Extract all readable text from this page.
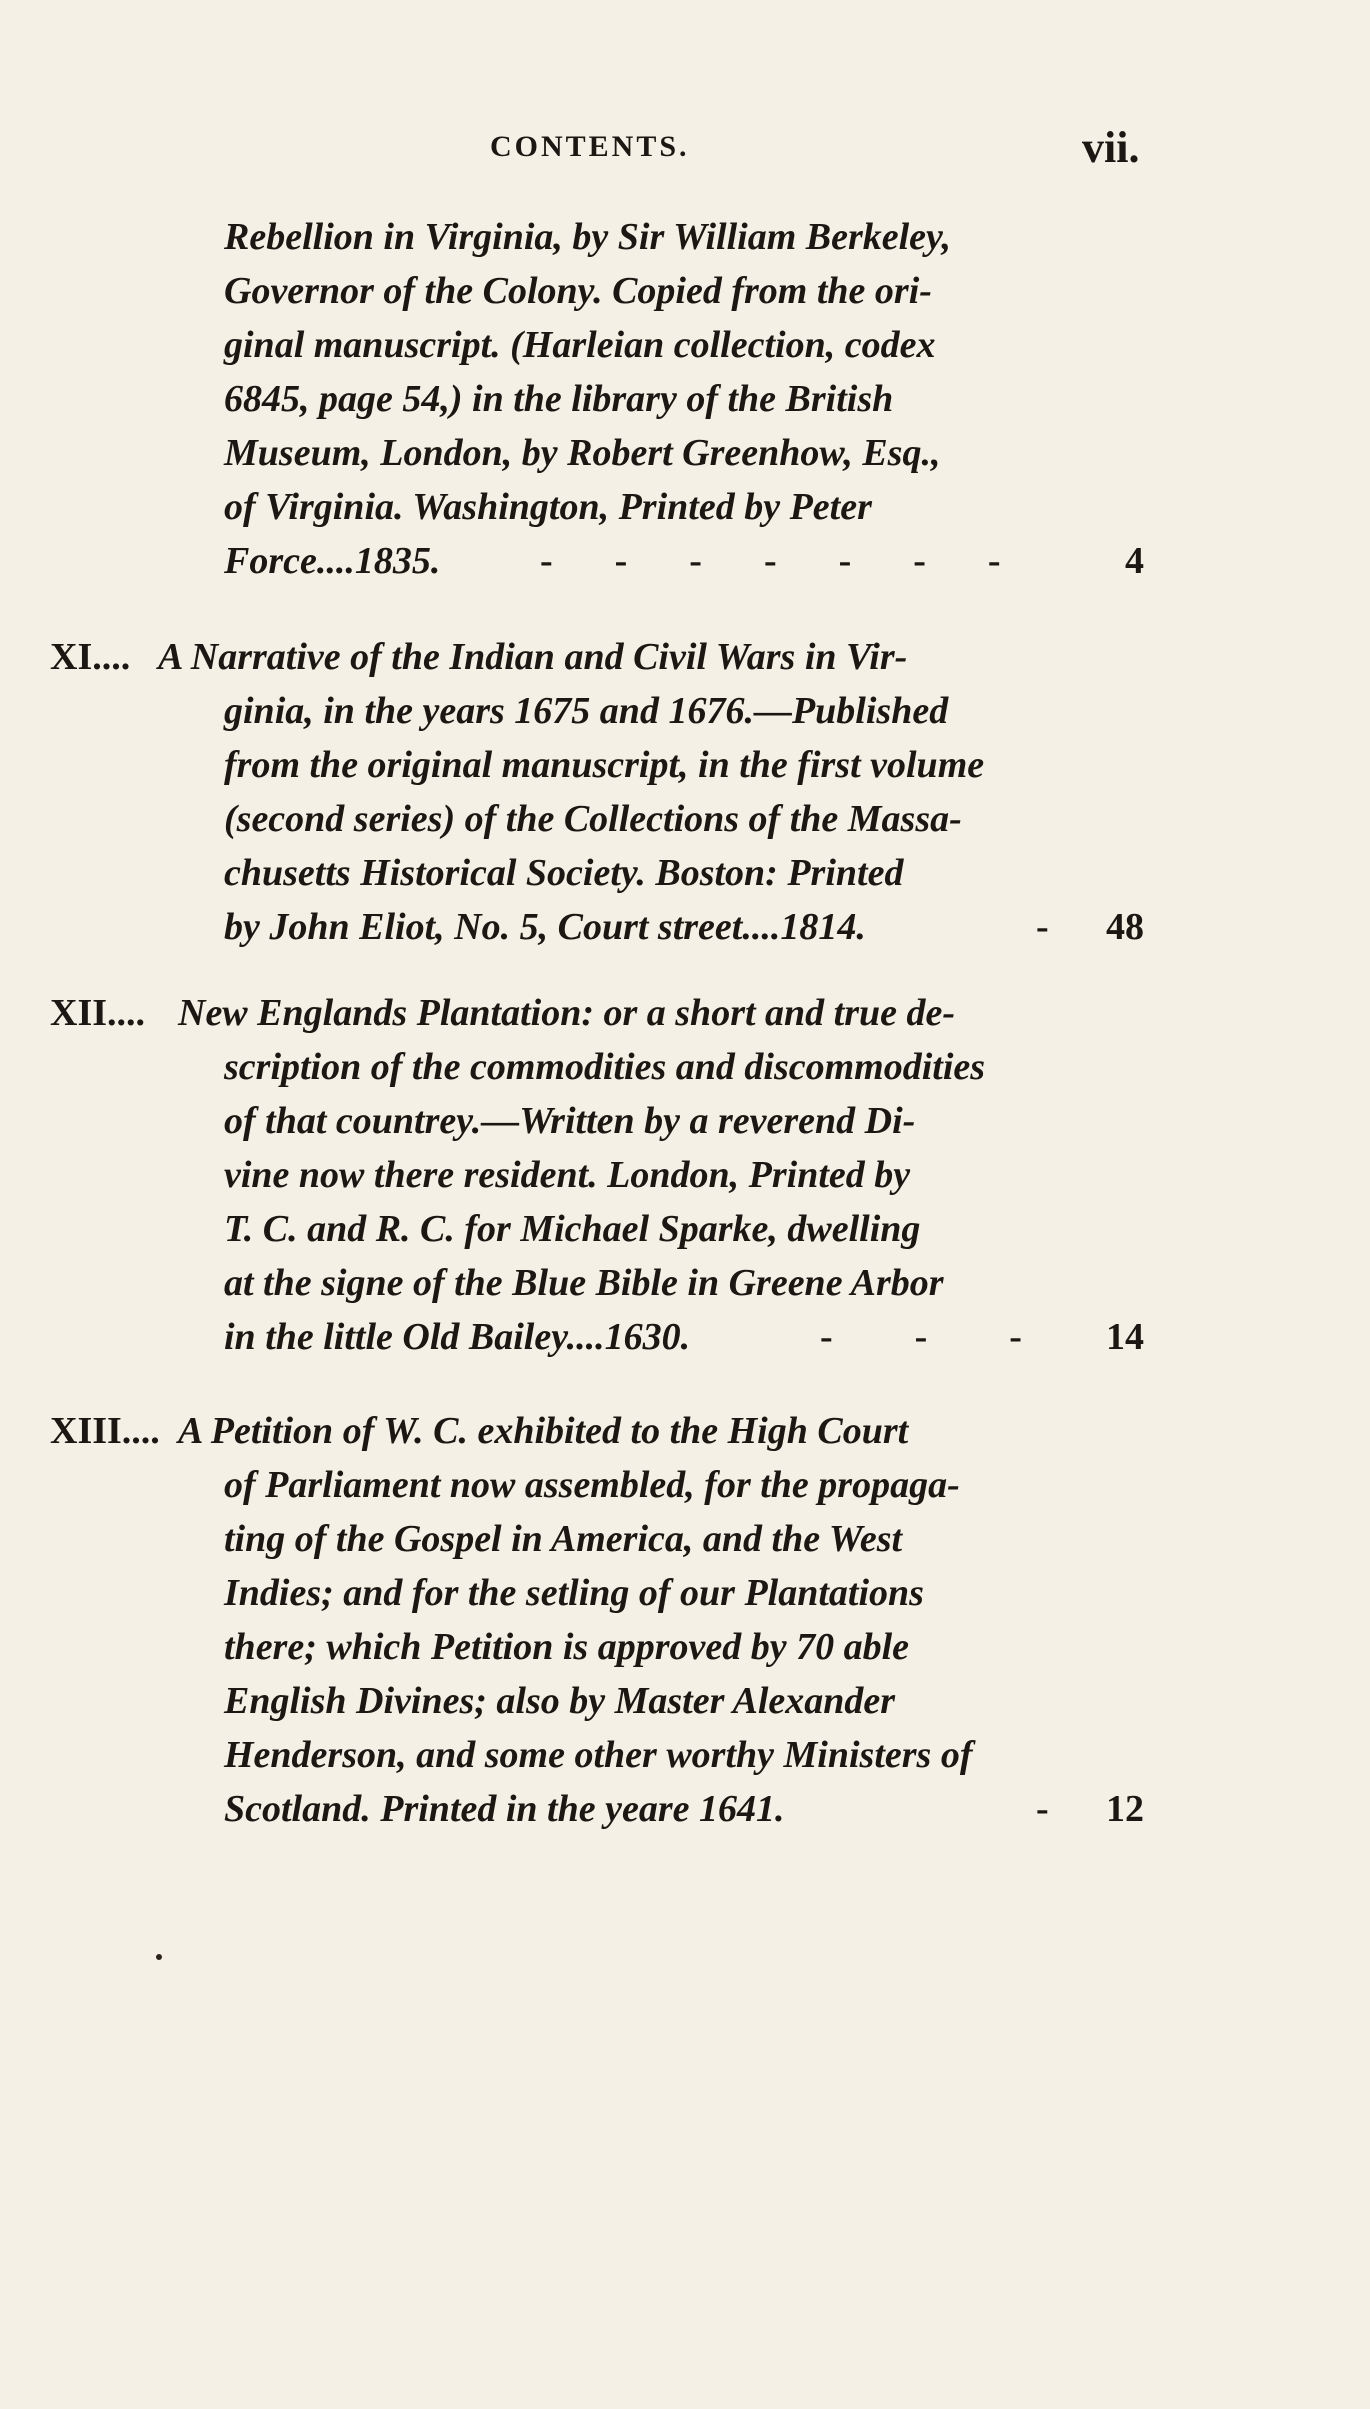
CONTENTS.	vii.
Rebellion in Virginia, by Sir William Berkeley,
Governor of the Colony. Copied from the ori-
ginal manuscript. (Harleian collection, codex
6845, page 54,) in the library of the British
Museum, London, by Robert Greenhow, Esq.,
of Virginia. Washington, Printed by Peter
Force....1835.	------- 4
XI.... A Narrative of the Indian and Civil Wars in Vir-
ginia, in the years 1675 and 1676.—Published
from the original manuscript, in the first volume
(second series) of the Collections of the Massa-
chusetts Historical Society. Boston: Printed
by John Eliot, No. 5, Court street....1814.	- 48
XII.... New Englands Plantation: or a short and true de-
scription of the commodities and discommodities
of that countrey.—Written by a reverend Di-
vine now there resident. London, Printed by
T. C. and R. C. for Michael Sparke, dwelling
at the signe of the Blue Bible in Greene Arbor
in the little Old Bailey....1630.	--- 14
XIII.... A Petition of W. C. exhibited to the High Court
of Parliament now assembled, for the propaga-
ting of the Gospel in America, and the West
Indies; and for the setling of our Plantations
there; which Petition is approved by 70 able
English Divines; also by Master Alexander
Henderson, and some other worthy Ministers of
Scotland. Printed in the yeare 1641.	- 12
